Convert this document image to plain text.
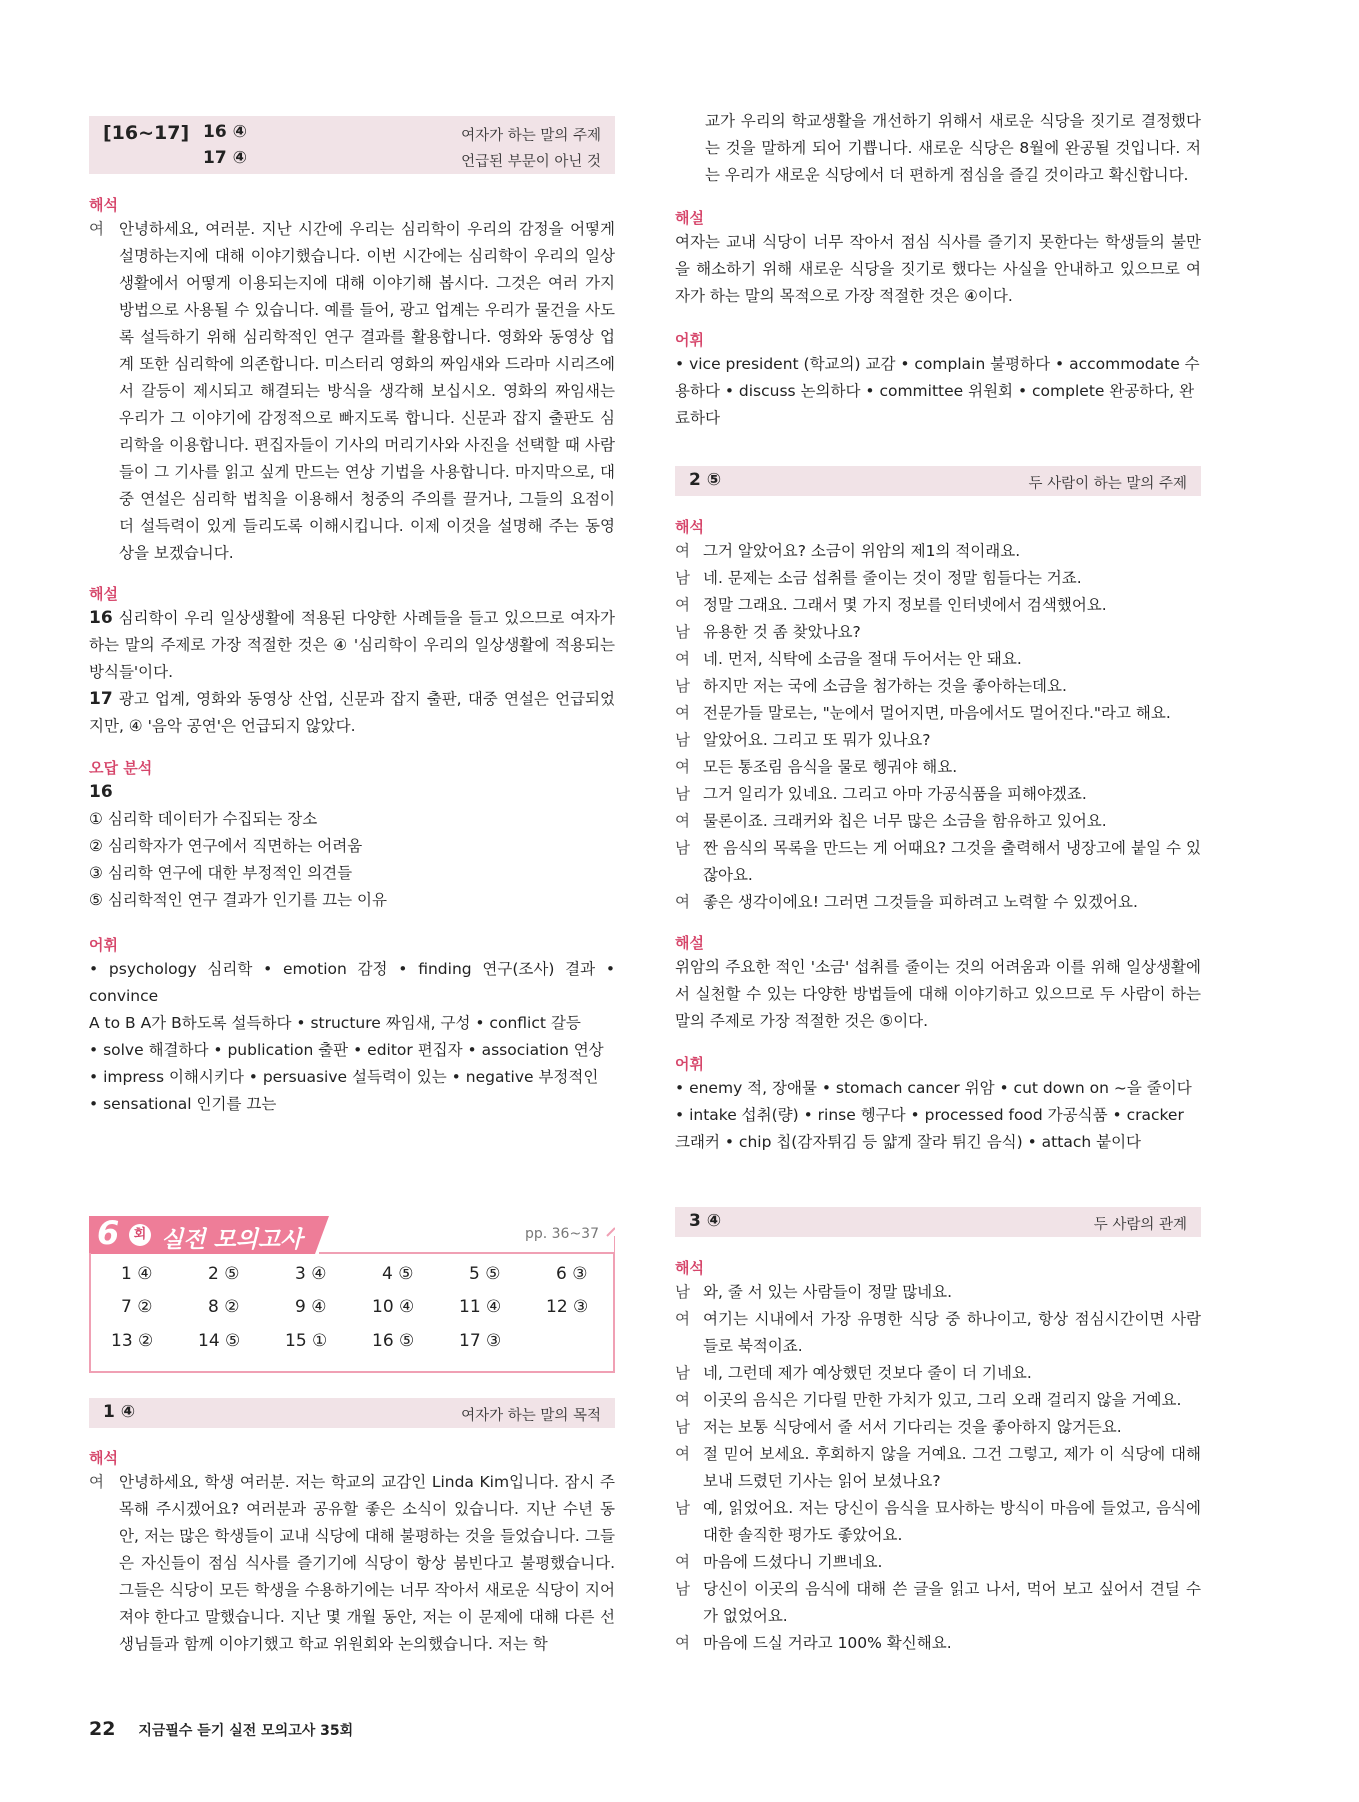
[16~17] 16 ④	여자가 하는 말의 주제
17 ④	언급된 부문이 아닌 것
해석
여 안녕하세요, 여러분. 지난 시간에 우리는 심리학이 우리의 감정을 어떻게 설명하는지에 대해 이야기했습니다. 이번 시간에는 심리학이 우리의 일상생활에서 어떻게 이용되는지에 대해 이야기해 봅시다. 그것은 여러 가지 방법으로 사용될 수 있습니다. 예를 들어, 광고 업계는 우리가 물건을 사도록 설득하기 위해 심리학적인 연구 결과를 활용합니다. 영화와 동영상 업계 또한 심리학에 의존합니다. 미스터리 영화의 짜임새와 드라마 시리즈에서 갈등이 제시되고 해결되는 방식을 생각해 보십시오. 영화의 짜임새는 우리가 그 이야기에 감정적으로 빠지도록 합니다. 신문과 잡지 출판도 심리학을 이용합니다. 편집자들이 기사의 머리기사와 사진을 선택할 때 사람들이 그 기사를 읽고 싶게 만드는 연상 기법을 사용합니다. 마지막으로, 대중 연설은 심리학 법칙을 이용해서 청중의 주의를 끌거나, 그들의 요점이 더 설득력이 있게 들리도록 이해시킵니다. 이제 이것을 설명해 주는 동영상을 보겠습니다.
해설
16 심리학이 우리 일상생활에 적용된 다양한 사례들을 들고 있으므로 여자가 하는 말의 주제로 가장 적절한 것은 ④ '심리학이 우리의 일상생활에 적용되는 방식들'이다.
17 광고 업계, 영화와 동영상 산업, 신문과 잡지 출판, 대중 연설은 언급되었지만, ④ '음악 공연'은 언급되지 않았다.
오답 분석
16
① 심리학 데이터가 수집되는 장소
② 심리학자가 연구에서 직면하는 어려움
③ 심리학 연구에 대한 부정적인 의견들
⑤ 심리학적인 연구 결과가 인기를 끄는 이유
어휘
• psychology 심리학 • emotion 감정 • finding 연구(조사) 결과 • convince
A to B A가 B하도록 설득하다 • structure 짜임새, 구성 • conflict 갈등
• solve 해결하다 • publication 출판 • editor 편집자 • association 연상
• impress 이해시키다 • persuasive 설득력이 있는 • negative 부정적인
• sensational 인기를 끄는
6	회 실전 모의고사	pp. 36~37
1 ④	2 ⑤	3 ④	4 ⑤	5 ⑤	6 ③
7 ②	8 ②	9 ④	10 ④	11 ④	12 ③
13 ②	14 ⑤	15 ①	16 ⑤	17 ③
1 ④	여자가 하는 말의 목적
해석
여 안녕하세요, 학생 여러분. 저는 학교의 교감인 Linda Kim입니다. 잠시 주목해 주시겠어요? 여러분과 공유할 좋은 소식이 있습니다. 지난 수년 동안, 저는 많은 학생들이 교내 식당에 대해 불평하는 것을 들었습니다. 그들은 자신들이 점심 식사를 즐기기에 식당이 항상 붐빈다고 불평했습니다. 그들은 식당이 모든 학생을 수용하기에는 너무 작아서 새로운 식당이 지어져야 한다고 말했습니다. 지난 몇 개월 동안, 저는 이 문제에 대해 다른 선생님들과 함께 이야기했고 학교 위원회와 논의했습니다. 저는 학
교가 우리의 학교생활을 개선하기 위해서 새로운 식당을 짓기로 결정했다는 것을 말하게 되어 기쁩니다. 새로운 식당은 8월에 완공될 것입니다. 저는 우리가 새로운 식당에서 더 편하게 점심을 즐길 것이라고 확신합니다.
해설
여자는 교내 식당이 너무 작아서 점심 식사를 즐기지 못한다는 학생들의 불만을 해소하기 위해 새로운 식당을 짓기로 했다는 사실을 안내하고 있으므로 여자가 하는 말의 목적으로 가장 적절한 것은 ④이다.
어휘
• vice president (학교의) 교감 • complain 불평하다 • accommodate 수
용하다 • discuss 논의하다 • committee 위원회 • complete 완공하다, 완
료하다
2 ⑤	두 사람이 하는 말의 주제
해석
여 그거 알았어요? 소금이 위암의 제1의 적이래요.
남 네. 문제는 소금 섭취를 줄이는 것이 정말 힘들다는 거죠.
여 정말 그래요. 그래서 몇 가지 정보를 인터넷에서 검색했어요.
남 유용한 것 좀 찾았나요?
여 네. 먼저, 식탁에 소금을 절대 두어서는 안 돼요.
남 하지만 저는 국에 소금을 첨가하는 것을 좋아하는데요.
여 전문가들 말로는, "눈에서 멀어지면, 마음에서도 멀어진다."라고 해요.
남 알았어요. 그리고 또 뭐가 있나요?
여 모든 통조림 음식을 물로 헹궈야 해요.
남 그거 일리가 있네요. 그리고 아마 가공식품을 피해야겠죠.
여 물론이죠. 크래커와 칩은 너무 많은 소금을 함유하고 있어요.
남 짠 음식의 목록을 만드는 게 어때요? 그것을 출력해서 냉장고에 붙일 수 있잖아요.
여 좋은 생각이에요! 그러면 그것들을 피하려고 노력할 수 있겠어요.
해설
위암의 주요한 적인 '소금' 섭취를 줄이는 것의 어려움과 이를 위해 일상생활에서 실천할 수 있는 다양한 방법들에 대해 이야기하고 있으므로 두 사람이 하는 말의 주제로 가장 적절한 것은 ⑤이다.
어휘
• enemy 적, 장애물 • stomach cancer 위암 • cut down on ~을 줄이다
• intake 섭취(량) • rinse 헹구다 • processed food 가공식품 • cracker
크래커 • chip 칩(감자튀김 등 얇게 잘라 튀긴 음식) • attach 붙이다
3 ④	두 사람의 관계
해석
남 와, 줄 서 있는 사람들이 정말 많네요.
여 여기는 시내에서 가장 유명한 식당 중 하나이고, 항상 점심시간이면 사람들로 북적이죠.
남 네, 그런데 제가 예상했던 것보다 줄이 더 기네요.
여 이곳의 음식은 기다릴 만한 가치가 있고, 그리 오래 걸리지 않을 거예요.
남 저는 보통 식당에서 줄 서서 기다리는 것을 좋아하지 않거든요.
여 절 믿어 보세요. 후회하지 않을 거예요. 그건 그렇고, 제가 이 식당에 대해 보내 드렸던 기사는 읽어 보셨나요?
남 예, 읽었어요. 저는 당신이 음식을 묘사하는 방식이 마음에 들었고, 음식에 대한 솔직한 평가도 좋았어요.
여 마음에 드셨다니 기쁘네요.
남 당신이 이곳의 음식에 대해 쓴 글을 읽고 나서, 먹어 보고 싶어서 견딜 수가 없었어요.
여 마음에 드실 거라고 100% 확신해요.
22 지금필수 듣기 실전 모의고사 35회
